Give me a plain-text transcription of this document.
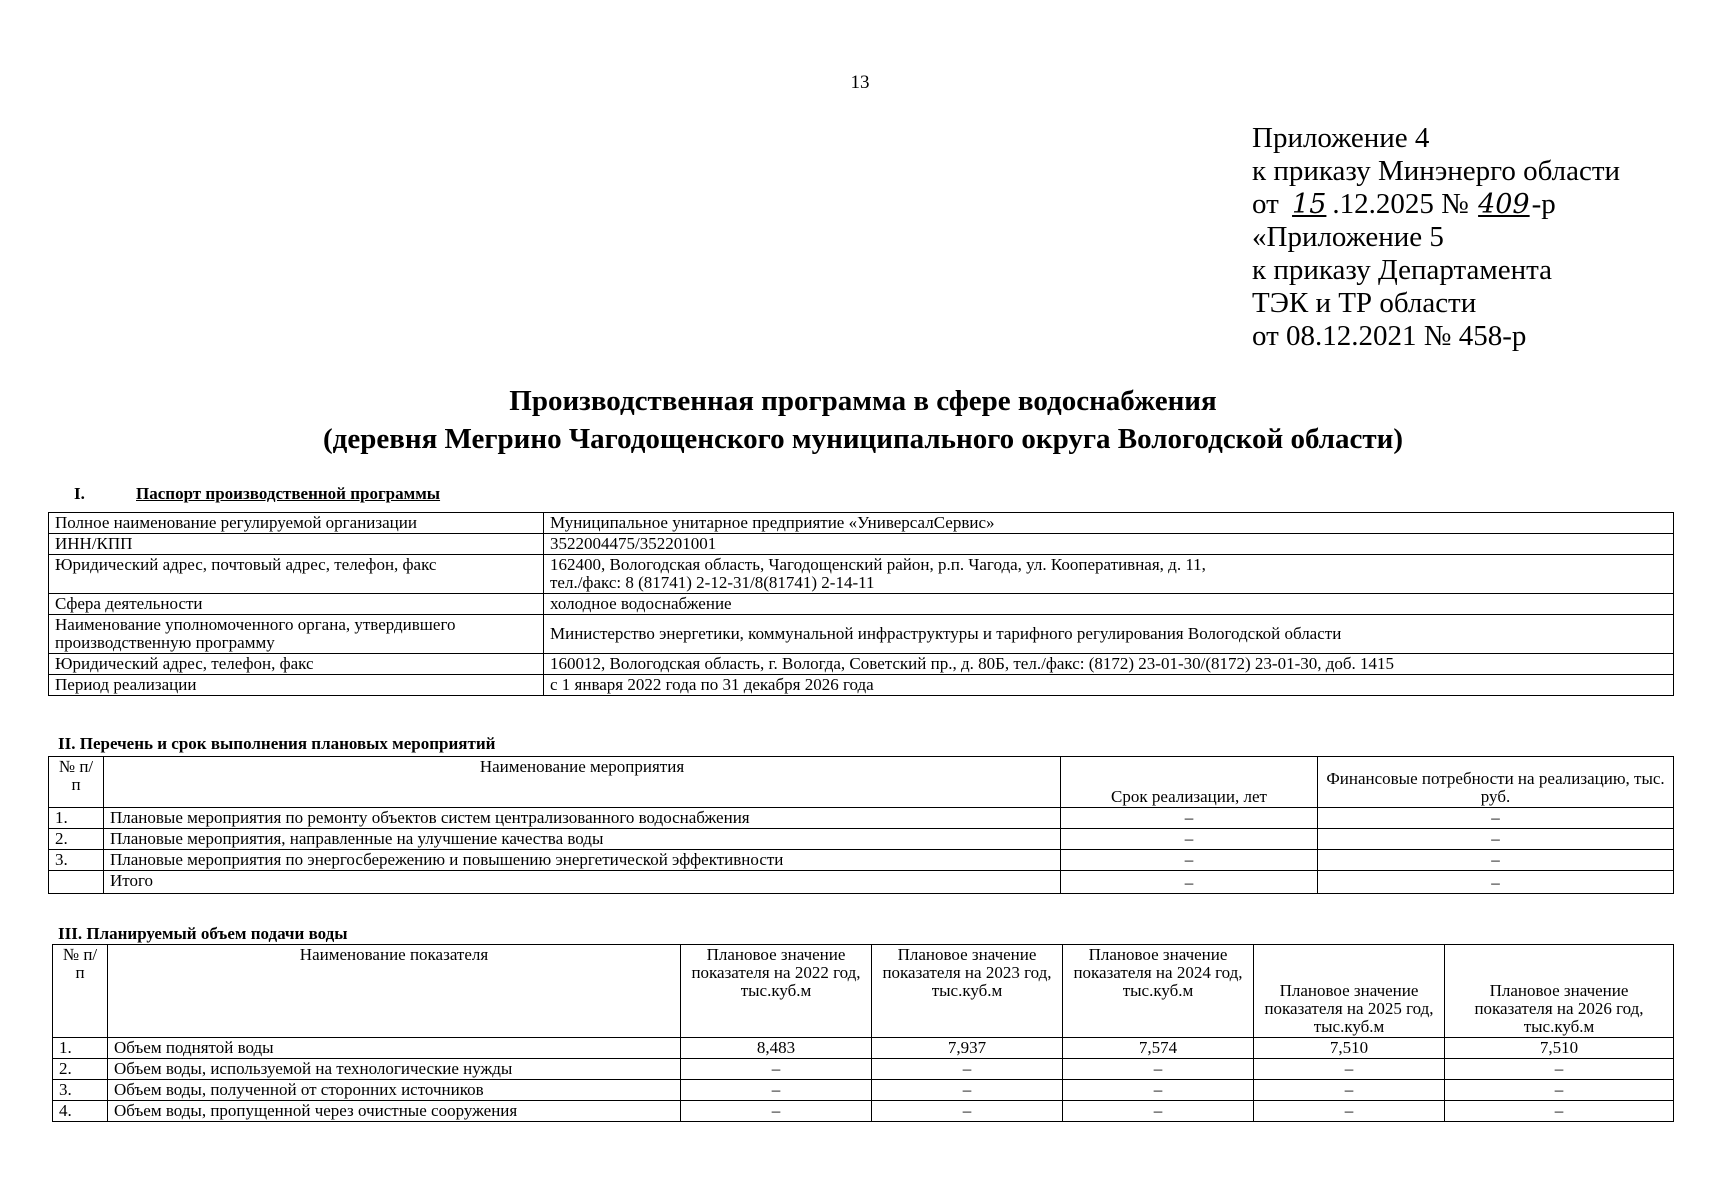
13
Приложение 4
к приказу Минэнерго области
от 15 .12.2025 № 409-р
«Приложение 5
к приказу Департамента
ТЭК и ТР области
от 08.12.2021 № 458-р
Производственная программа в сфере водоснабжения
(деревня Мегрино Чагодощенского муниципального округа Вологодской области)
I.	Паспорт производственной программы
Полное наименование регулируемой организации	Муниципальное унитарное предприятие «УниверсалСервис»
ИНН/КПП	3522004475/352201001
Юридический адрес, почтовый адрес, телефон, факс	162400, Вологодская область, Чагодощенский район, р.п. Чагода, ул. Кооперативная, д. 11,
тел./факс: 8 (81741) 2-12-31/8(81741) 2-14-11

Сфера деятельности	холодное водоснабжение
Наименование уполномоченного органа, утвердившего производственную программу	Министерство энергетики, коммунальной инфраструктуры и тарифного регулирования Вологодской области
Юридический адрес, телефон, факс	160012, Вологодская область, г. Вологда, Советский пр., д. 80Б, тел./факс: (8172) 23-01-30/(8172) 23-01-30, доб. 1415
Период реализации	с 1 января 2022 года по 31 декабря 2026 года
II. Перечень и срок выполнения плановых мероприятий
№ п/п	Наименование мероприятия	Срок реализации, лет	Финансовые потребности на реализацию, тыс. руб.
1.	Плановые мероприятия по ремонту объектов систем централизованного водоснабжения	–	–
2.	Плановые мероприятия, направленные на улучшение качества воды	–	–
3.	Плановые мероприятия по энергосбережению и повышению энергетической эффективности	–	–
	Итого	–	–
III. Планируемый объем подачи воды
№ п/п	Наименование показателя	Плановое значение показателя на 2022 год, тыс.куб.м	Плановое значение показателя на 2023 год, тыс.куб.м	Плановое значение показателя на 2024 год, тыс.куб.м	Плановое значение показателя на 2025 год, тыс.куб.м	Плановое значение показателя на 2026 год, тыс.куб.м
1.	Объем поднятой воды	8,483	7,937	7,574	7,510	7,510
2.	Объем воды, используемой на технологические нужды	–	–	–	–	–
3.	Объем воды, полученной от сторонних источников	–	–	–	–	–
4.	Объем воды, пропущенной через очистные сооружения	–	–	–	–	–
